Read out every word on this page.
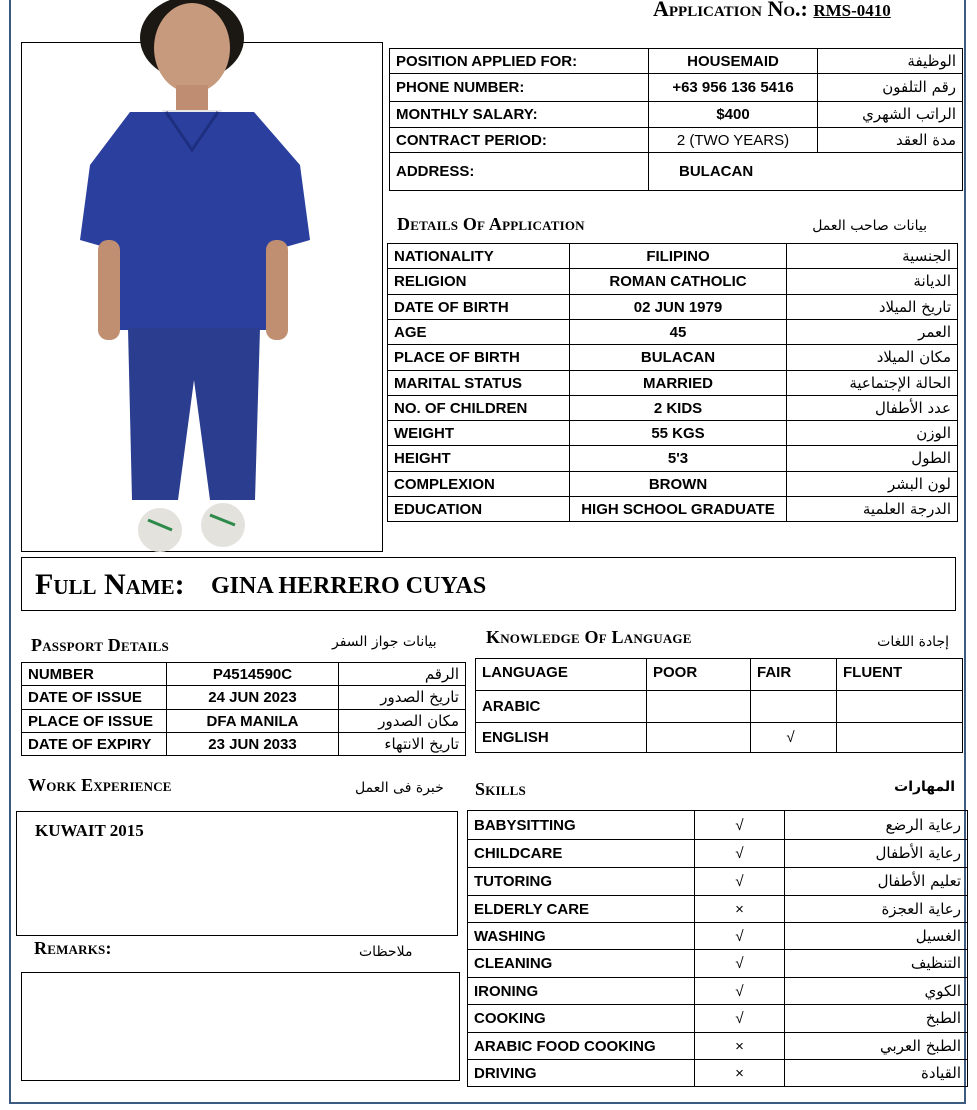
Application No.: RMS-0410
POSITION APPLIED FOR:	HOUSEMAID	الوظيفة
PHONE NUMBER:	+63 956 136 5416	رقم التلفون
MONTHLY SALARY:	$400	الراتب الشهري
CONTRACT PERIOD:	2 (TWO YEARS)	مدة العقد
ADDRESS:	BULACAN	
Details Of Application	بيانات صاحب العمل
NATIONALITY	FILIPINO	الجنسية
RELIGION	ROMAN CATHOLIC	الديانة
DATE OF BIRTH	02 JUN 1979	تاريخ الميلاد
AGE	45	العمر
PLACE OF BIRTH	BULACAN	مكان الميلاد
MARITAL STATUS	MARRIED	الحالة الإجتماعية
NO. OF CHILDREN	2 KIDS	عدد الأطفال
WEIGHT	55 KGS	الوزن
HEIGHT	5'3	الطول
COMPLEXION	BROWN	لون البشر
EDUCATION	HIGH SCHOOL GRADUATE	الدرجة العلمية
Full Name: GINA HERRERO CUYAS
Passport Details	بيانات جواز السفر
NUMBER	P4514590C	الرقم
DATE OF ISSUE	24 JUN 2023	تاريخ الصدور
PLACE OF ISSUE	DFA MANILA	مكان الصدور
DATE OF EXPIRY	23 JUN 2033	تاريخ الانتهاء
Knowledge Of Language	إجادة اللغات
LANGUAGE	POOR	FAIR	FLUENT
ARABIC			
ENGLISH		√	
Work Experience	خبرة فى العمل
KUWAIT 2015
Remarks:	ملاحظات
Skills	المهارات
BABYSITTING	√	رعاية الرضع
CHILDCARE	√	رعاية الأطفال
TUTORING	√	تعليم الأطفال
ELDERLY CARE	×	رعاية العجزة
WASHING	√	الغسيل
CLEANING	√	التنظيف
IRONING	√	الكوي
COOKING	√	الطبخ
ARABIC FOOD COOKING	×	الطبخ العربي
DRIVING	×	القيادة
